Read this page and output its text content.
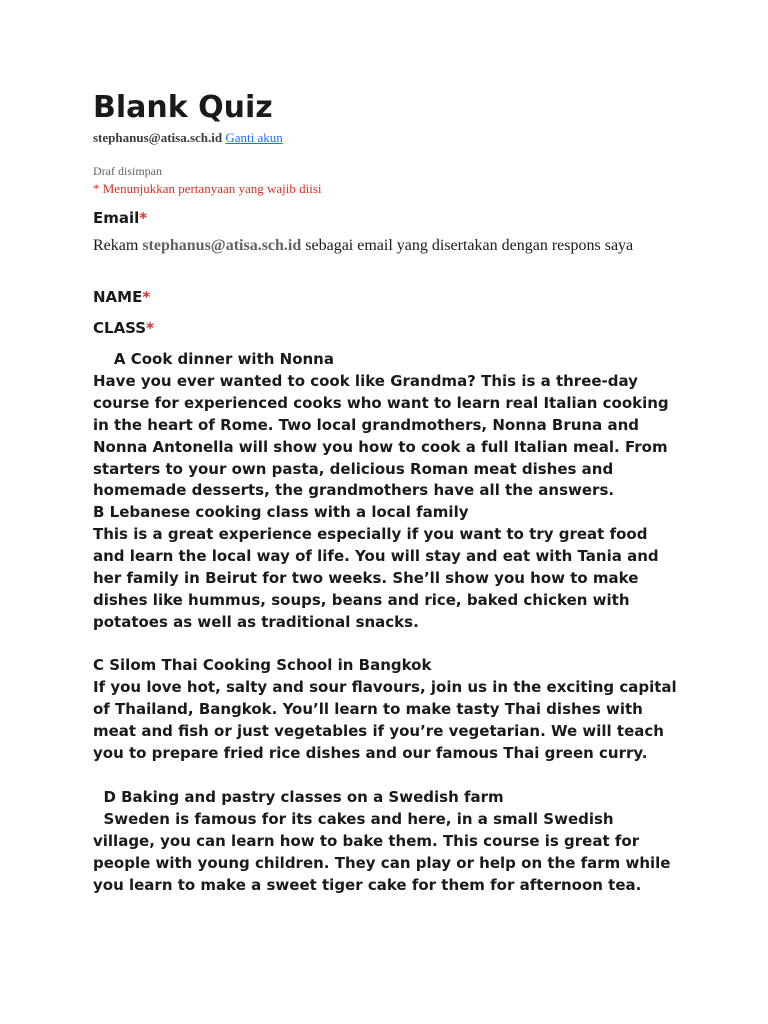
Blank Quiz
stephanus@atisa.sch.id Ganti akun
Draf disimpan
* Menunjukkan pertanyaan yang wajib diisi
Email*
Rekam stephanus@atisa.sch.id sebagai email yang disertakan dengan respons saya
NAME*
CLASS*
A Cook dinner with Nonna
Have you ever wanted to cook like Grandma? This is a three-day
course for experienced cooks who want to learn real Italian cooking
in the heart of Rome. Two local grandmothers, Nonna Bruna and
Nonna Antonella will show you how to cook a full Italian meal. From
starters to your own pasta, delicious Roman meat dishes and
homemade desserts, the grandmothers have all the answers.
B Lebanese cooking class with a local family
This is a great experience especially if you want to try great food
and learn the local way of life. You will stay and eat with Tania and
her family in Beirut for two weeks. She’ll show you how to make
dishes like hummus, soups, beans and rice, baked chicken with
potatoes as well as traditional snacks.
C Silom Thai Cooking School in Bangkok
If you love hot, salty and sour flavours, join us in the exciting capital
of Thailand, Bangkok. You’ll learn to make tasty Thai dishes with
meat and fish or just vegetables if you’re vegetarian. We will teach
you to prepare fried rice dishes and our famous Thai green curry.
D Baking and pastry classes on a Swedish farm
Sweden is famous for its cakes and here, in a small Swedish
village, you can learn how to bake them. This course is great for
people with young children. They can play or help on the farm while
you learn to make a sweet tiger cake for them for afternoon tea.
